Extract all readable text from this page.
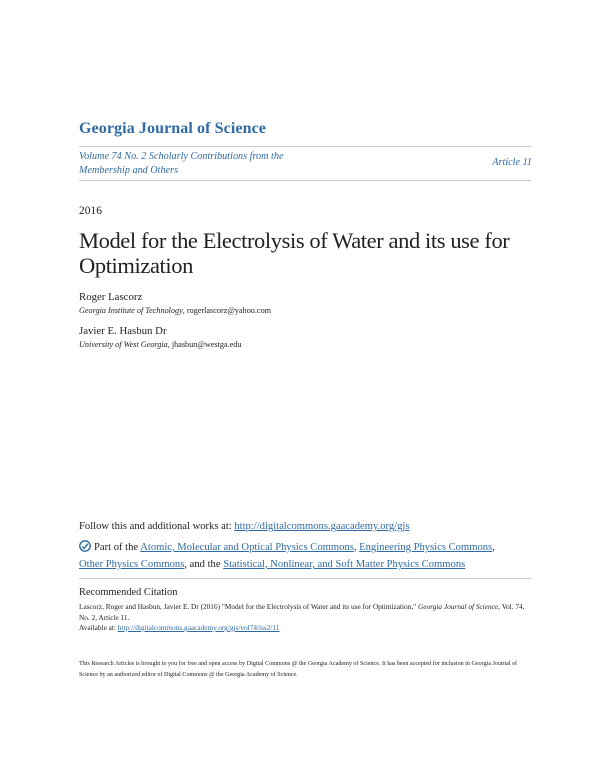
Georgia Journal of Science
Volume 74 No. 2 Scholarly Contributions from the Membership and Others
Article 11
2016
Model for the Electrolysis of Water and its use for Optimization
Roger Lascorz
Georgia Institute of Technology, rogerlascorz@yahoo.com
Javier E. Hasbun Dr
University of West Georgia, jhasbun@westga.edu
Follow this and additional works at: http://digitalcommons.gaacademy.org/gjs
Part of the Atomic, Molecular and Optical Physics Commons, Engineering Physics Commons,
Other Physics Commons, and the Statistical, Nonlinear, and Soft Matter Physics Commons
Recommended Citation
Lascorz, Roger and Hasbun, Javier E. Dr (2016) "Model for the Electrolysis of Water and its use for Optimization," Georgia Journal of Science, Vol. 74, No. 2, Article 11.
Available at: http://digitalcommons.gaacademy.org/gjs/vol74/iss2/11
This Research Articles is brought to you for free and open access by Digital Commons @ the Georgia Academy of Science. It has been accepted for inclusion in Georgia Journal of Science by an authorized editor of Digital Commons @ the Georgia Academy of Science.
